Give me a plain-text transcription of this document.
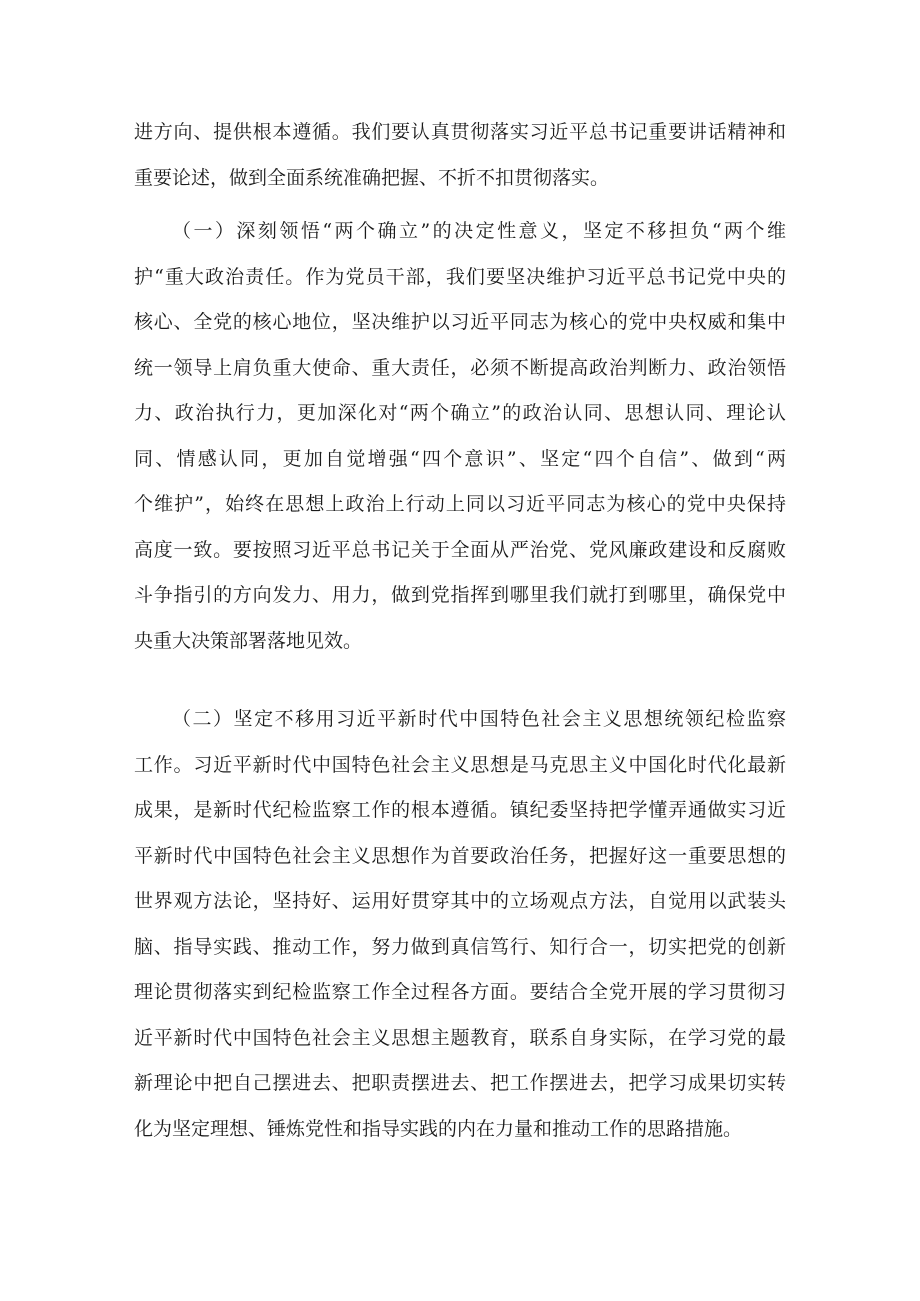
进方向、提供根本遵循。我们要认真贯彻落实习近平总书记重要讲话精神和
重要论述，做到全面系统准确把握、不折不扣贯彻落实。
（一）深刻领悟“两个确立”的决定性意义，坚定不移担负“两个维
护“重大政治责任。作为党员干部，我们要坚决维护习近平总书记党中央的
核心、全党的核心地位，坚决维护以习近平同志为核心的党中央权威和集中
统一领导上肩负重大使命、重大责任，必须不断提高政治判断力、政治领悟
力、政治执行力，更加深化对“两个确立”的政治认同、思想认同、理论认
同、情感认同，更加自觉增强“四个意识”、坚定“四个自信”、做到“两
个维护”，始终在思想上政治上行动上同以习近平同志为核心的党中央保持
高度一致。要按照习近平总书记关于全面从严治党、党风廉政建设和反腐败
斗争指引的方向发力、用力，做到党指挥到哪里我们就打到哪里，确保党中
央重大决策部署落地见效。
（二）坚定不移用习近平新时代中国特色社会主义思想统领纪检监察
工作。习近平新时代中国特色社会主义思想是马克思主义中国化时代化最新
成果，是新时代纪检监察工作的根本遵循。镇纪委坚持把学懂弄通做实习近
平新时代中国特色社会主义思想作为首要政治任务，把握好这一重要思想的
世界观方法论，坚持好、运用好贯穿其中的立场观点方法，自觉用以武装头
脑、指导实践、推动工作，努力做到真信笃行、知行合一，切实把党的创新
理论贯彻落实到纪检监察工作全过程各方面。要结合全党开展的学习贯彻习
近平新时代中国特色社会主义思想主题教育，联系自身实际，在学习党的最
新理论中把自己摆进去、把职责摆进去、把工作摆进去，把学习成果切实转
化为坚定理想、锤炼党性和指导实践的内在力量和推动工作的思路措施。
